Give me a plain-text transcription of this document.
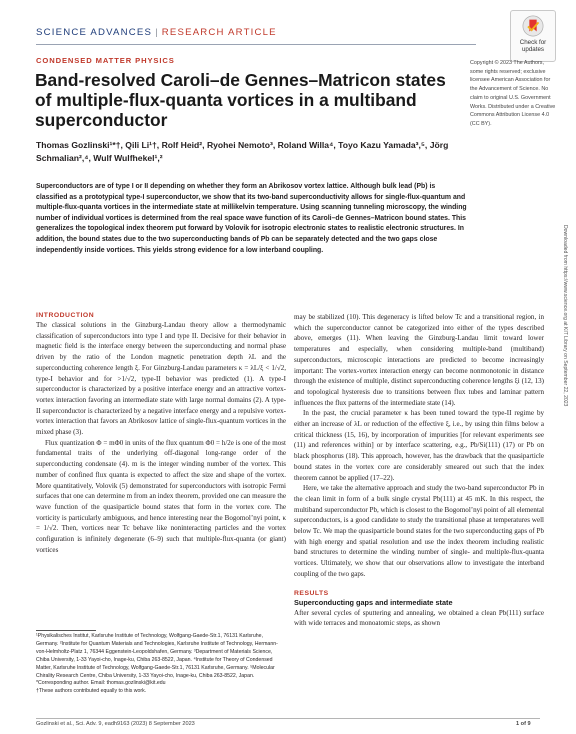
SCIENCE ADVANCES | RESEARCH ARTICLE
Check for
updates
CONDENSED MATTER PHYSICS
Band-resolved Caroli–de Gennes–Matricon states of multiple-flux-quanta vortices in a multiband superconductor
Thomas Gozlinski¹*†, Qili Li¹†, Rolf Heid², Ryohei Nemoto³, Roland Willa⁴, Toyo Kazu Yamada³,⁵, Jörg Schmalian²,⁴, Wulf Wulfhekel¹,²
Copyright © 2023 The Authors, some rights reserved; exclusive licensee American Association for the Advancement of Science. No claim to original U.S. Government Works. Distributed under a Creative Commons Attribution License 4.0 (CC BY).
Superconductors are of type I or II depending on whether they form an Abrikosov vortex lattice. Although bulk lead (Pb) is classified as a prototypical type-I superconductor, we show that its two-band superconductivity allows for single-flux-quantum and multiple-flux-quanta vortices in the intermediate state at millikelvin temperature. Using scanning tunneling microscopy, the winding number of individual vortices is determined from the real space wave function of its Caroli–de Gennes–Matricon bound states. This generalizes the topological index theorem put forward by Volovik for isotropic electronic states to realistic electronic structures. In addition, the bound states due to the two superconducting bands of Pb can be separately detected and the two gaps close independently inside vortices. This yields strong evidence for a low interband coupling.	Downloaded from https://www.science.org at KIT Library on September 22, 2023
INTRODUCTION

The classical solutions in the Ginzburg-Landau theory allow a thermodynamic classification of superconductors into type I and type II. Decisive for their behavior in magnetic field is the interface energy between the superconducting and normal phase driven by the ratio of the London magnetic penetration depth λL and the superconducting coherence length ξ. For Ginzburg-Landau parameters κ = λL/ξ < 1/√2, type-I behavior and for >1/√2, type-II behavior was predicted (1). A type-I superconductor is characterized by a positive interface energy and an attractive vortex-vortex interaction favoring an intermediate state with large normal domains (2). A type-II superconductor is characterized by a negative interface energy and a repulsive vortex-vortex interaction that favors an Abrikosov lattice of single-flux-quantum vortices in the mixed phase (3).

Flux quantization Φ = mΦ0 in units of the flux quantum Φ0 = h/2e is one of the most fundamental traits of the underlying off-diagonal long-range order of the superconducting condensate (4). m is the integer winding number of the vortex. This number of confined flux quanta is expected to affect the size and shape of the vortex. More quantitatively, Volovik (5) demonstrated for superconductors with isotropic Fermi surfaces that one can determine m from an index theorem, provided one can measure the wave function of the quasiparticle bound states that form in the vortex core. The vorticity is particularly ambiguous, and hence interesting near the Bogomol’nyi point, κ = 1/√2. Then, vortices near Tc behave like noninteracting particles and the vortex configuration is infinitely degenerate (6–9) such that multiple-flux-quanta (or giant) vortices

may be stabilized (10). This degeneracy is lifted below Tc and a transitional region, in which the superconductor cannot be categorized into either of the types described above, emerges (11). When leaving the Ginzburg-Landau limit toward lower temperatures and especially, when considering multiple-band (multiband) superconductors, microscopic interactions are predicted to become increasingly important: The vortex-vortex interaction energy can become nonmonotonic in distance through the existence of multiple, distinct superconducting coherence lengths ξi (12, 13) and topological hysteresis due to transitions between flux tubes and laminar pattern influences the flux patterns of the intermediate state (14).

In the past, the crucial parameter κ has been tuned toward the type-II regime by either an increase of λL or reduction of the effective ξ, i.e., by using thin films below a critical thickness (15, 16), by incorporation of impurities [for relevant experiments see (11) and references within] or by interface scattering, e.g., Pb/Si(111) (17) or Pb on black phosphorus (18). This approach, however, has the drawback that the quasiparticle bound states in the vortex core are considerably smeared out such that the index theorem cannot be applied (17–22).

Here, we take the alternative approach and study the two-band superconductor Pb in the clean limit in form of a bulk single crystal Pb(111) at 45 mK. In this respect, the multiband superconductor Pb, which is closest to the Bogomol’nyi point of all elemental superconductors, is a good candidate to study the transitional phase at temperatures well below Tc. We map the quasiparticle bound states for the two superconducting gaps of Pb with high energy and spatial resolution and use the index theorem including realistic band structures to determine the winding number of single- and multiple-flux-quanta vortices. Ultimately, we show that our observations allow to investigate the interband coupling of the two gaps.

RESULTS
Superconducting gaps and intermediate state

After several cycles of sputtering and annealing, we obtained a clean Pb(111) surface with wide terraces and monoatomic steps, as shown

¹Physikalisches Institut, Karlsruhe Institute of Technology, Wolfgang-Gaede-Str.1, 76131 Karlsruhe, Germany. ²Institute for Quantum Materials and Technologies, Karlsruhe Institute of Technology, Hermann-von-Helmholtz-Platz 1, 76344 Eggenstein-Leopoldshafen, Germany. ³Department of Materials Science, Chiba University, 1-33 Yayoi-cho, Inage-ku, Chiba 263-8522, Japan. ⁴Institute for Theory of Condensed Matter, Karlsruhe Institute of Technology, Wolfgang-Gaede-Str.1, 76131 Karlsruhe, Germany. ⁵Molecular Chirality Research Centre, Chiba University, 1-33 Yayoi-cho, Inage-ku, Chiba 263-8522, Japan.
*Corresponding author. Email: thomas.gozlinski@kit.edu
†These authors contributed equally to this work.
Gozlinski et al., Sci. Adv. 9, eadh9163 (2023) 8 September 2023	1 of 9
